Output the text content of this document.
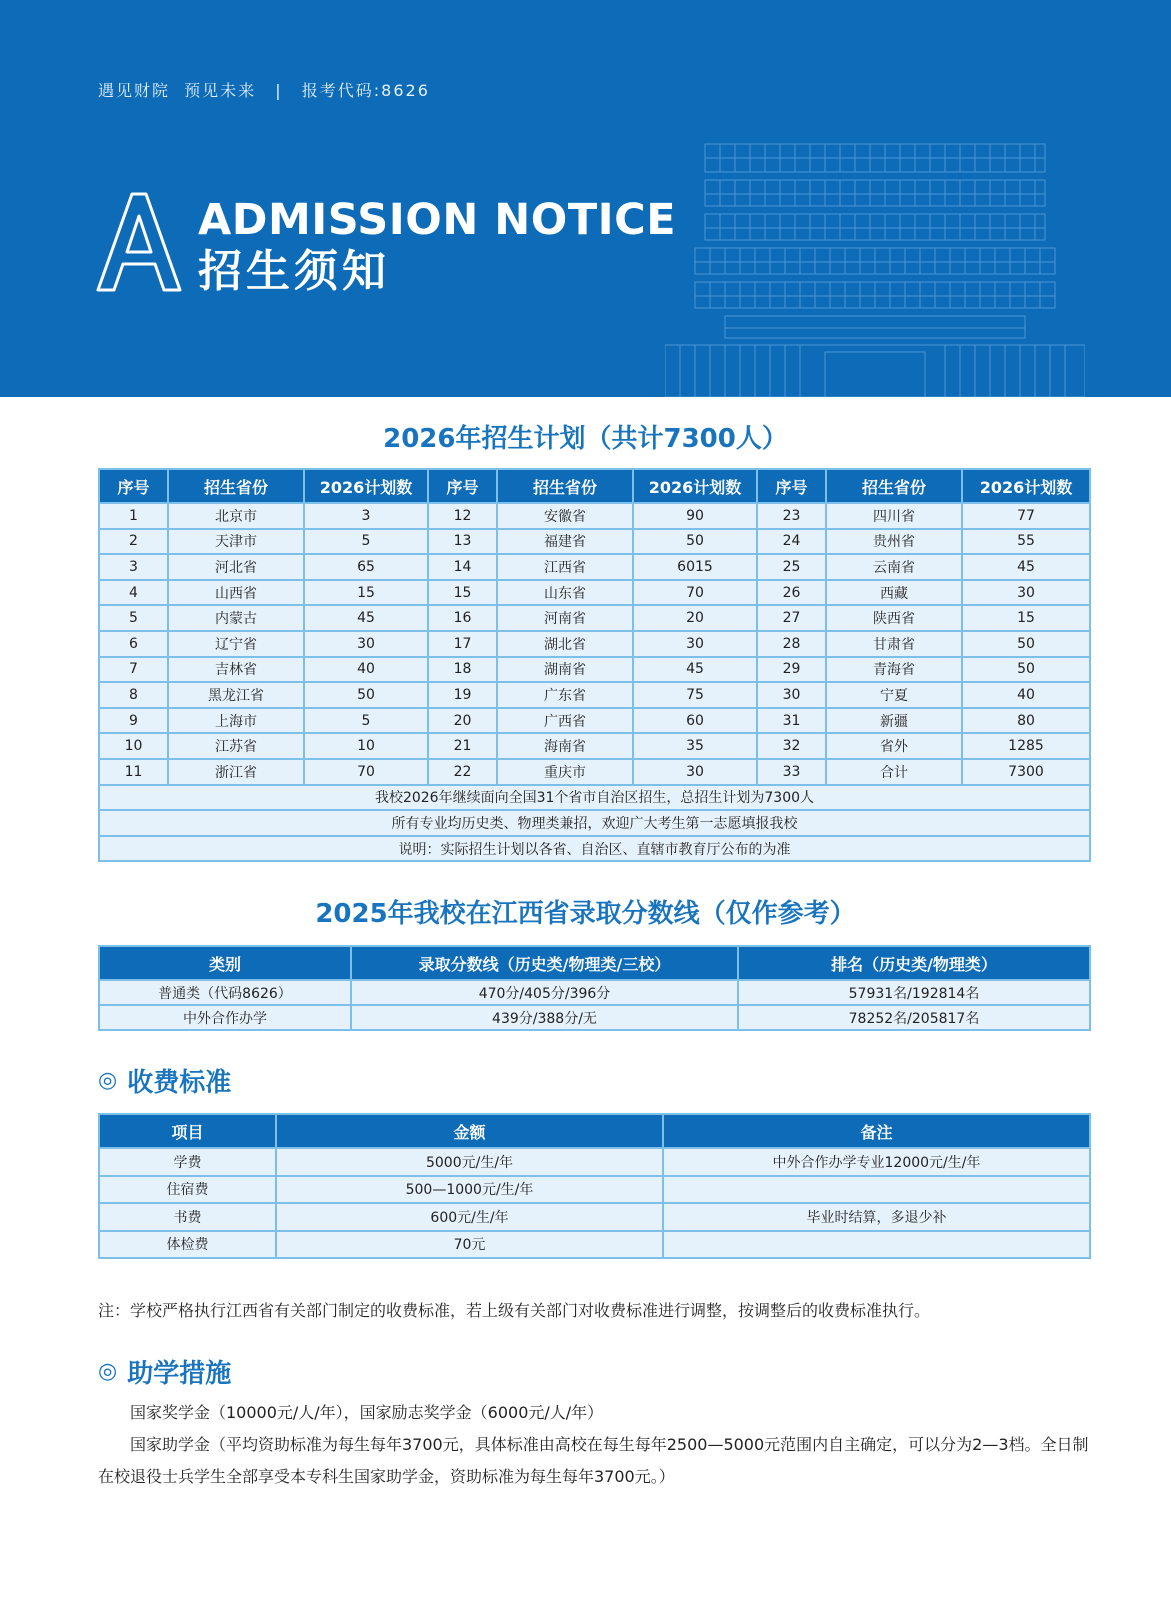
遇见财院  预见未来 | 报考代码:8626
ADMISSION NOTICE
招生须知
2026年招生计划（共计7300人）
序号	招生省份	2026计划数	序号	招生省份	2026计划数	序号	招生省份	2026计划数
1	北京市	3	12	安徽省	90	23	四川省	77
2	天津市	5	13	福建省	50	24	贵州省	55
3	河北省	65	14	江西省	6015	25	云南省	45
4	山西省	15	15	山东省	70	26	西藏	30
5	内蒙古	45	16	河南省	20	27	陕西省	15
6	辽宁省	30	17	湖北省	30	28	甘肃省	50
7	吉林省	40	18	湖南省	45	29	青海省	50
8	黑龙江省	50	19	广东省	75	30	宁夏	40
9	上海市	5	20	广西省	60	31	新疆	80
10	江苏省	10	21	海南省	35	32	省外	1285
11	浙江省	70	22	重庆市	30	33	合计	7300
我校2026年继续面向全国31个省市自治区招生，总招生计划为7300人								
所有专业均历史类、物理类兼招，欢迎广大考生第一志愿填报我校								
说明：实际招生计划以各省、自治区、直辖市教育厅公布的为准								
2025年我校在江西省录取分数线（仅作参考）
类别	录取分数线（历史类/物理类/三校）	排名（历史类/物理类）
普通类（代码8626）	470分/405分/396分	57931名/192814名
中外合作办学	439分/388分/无	78252名/205817名
◎ 收费标准
项目	金额	备注
学费	5000元/生/年	中外合作办学专业12000元/生/年
住宿费	500—1000元/生/年	
书费	600元/生/年	毕业时结算，多退少补
体检费	70元	
注：学校严格执行江西省有关部门制定的收费标准，若上级有关部门对收费标准进行调整，按调整后的收费标准执行。
◎ 助学措施
国家奖学金（10000元/人/年），国家励志奖学金（6000元/人/年）
国家助学金（平均资助标准为每生每年3700元，具体标准由高校在每生每年2500—5000元范围内自主确定，可以分为2—3档。全日制在校退役士兵学生全部享受本专科生国家助学金，资助标准为每生每年3700元。）
